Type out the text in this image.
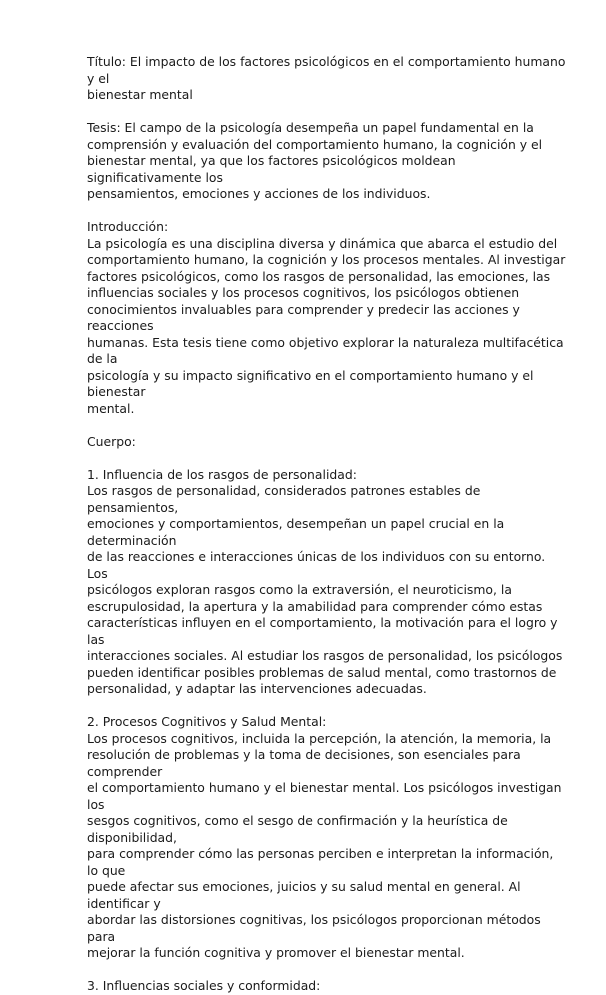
Título: El impacto de los factores psicológicos en el comportamiento humano y el

bienestar mental

Tesis: El campo de la psicología desempeña un papel fundamental en la

comprensión y evaluación del comportamiento humano, la cognición y el

bienestar mental, ya que los factores psicológicos moldean significativamente los

pensamientos, emociones y acciones de los individuos.

Introducción:

La psicología es una disciplina diversa y dinámica que abarca el estudio del

comportamiento humano, la cognición y los procesos mentales. Al investigar

factores psicológicos, como los rasgos de personalidad, las emociones, las

influencias sociales y los procesos cognitivos, los psicólogos obtienen

conocimientos invaluables para comprender y predecir las acciones y reacciones

humanas. Esta tesis tiene como objetivo explorar la naturaleza multifacética de la

psicología y su impacto significativo en el comportamiento humano y el bienestar

mental.

Cuerpo:

1. Influencia de los rasgos de personalidad:

Los rasgos de personalidad, considerados patrones estables de pensamientos,

emociones y comportamientos, desempeñan un papel crucial en la determinación

de las reacciones e interacciones únicas de los individuos con su entorno. Los

psicólogos exploran rasgos como la extraversión, el neuroticismo, la

escrupulosidad, la apertura y la amabilidad para comprender cómo estas

características influyen en el comportamiento, la motivación para el logro y las

interacciones sociales. Al estudiar los rasgos de personalidad, los psicólogos

pueden identificar posibles problemas de salud mental, como trastornos de

personalidad, y adaptar las intervenciones adecuadas.

2. Procesos Cognitivos y Salud Mental:

Los procesos cognitivos, incluida la percepción, la atención, la memoria, la

resolución de problemas y la toma de decisiones, son esenciales para comprender

el comportamiento humano y el bienestar mental. Los psicólogos investigan los

sesgos cognitivos, como el sesgo de confirmación y la heurística de disponibilidad,

para comprender cómo las personas perciben e interpretan la información, lo que

puede afectar sus emociones, juicios y su salud mental en general. Al identificar y

abordar las distorsiones cognitivas, los psicólogos proporcionan métodos para

mejorar la función cognitiva y promover el bienestar mental.

3. Influencias sociales y conformidad:
